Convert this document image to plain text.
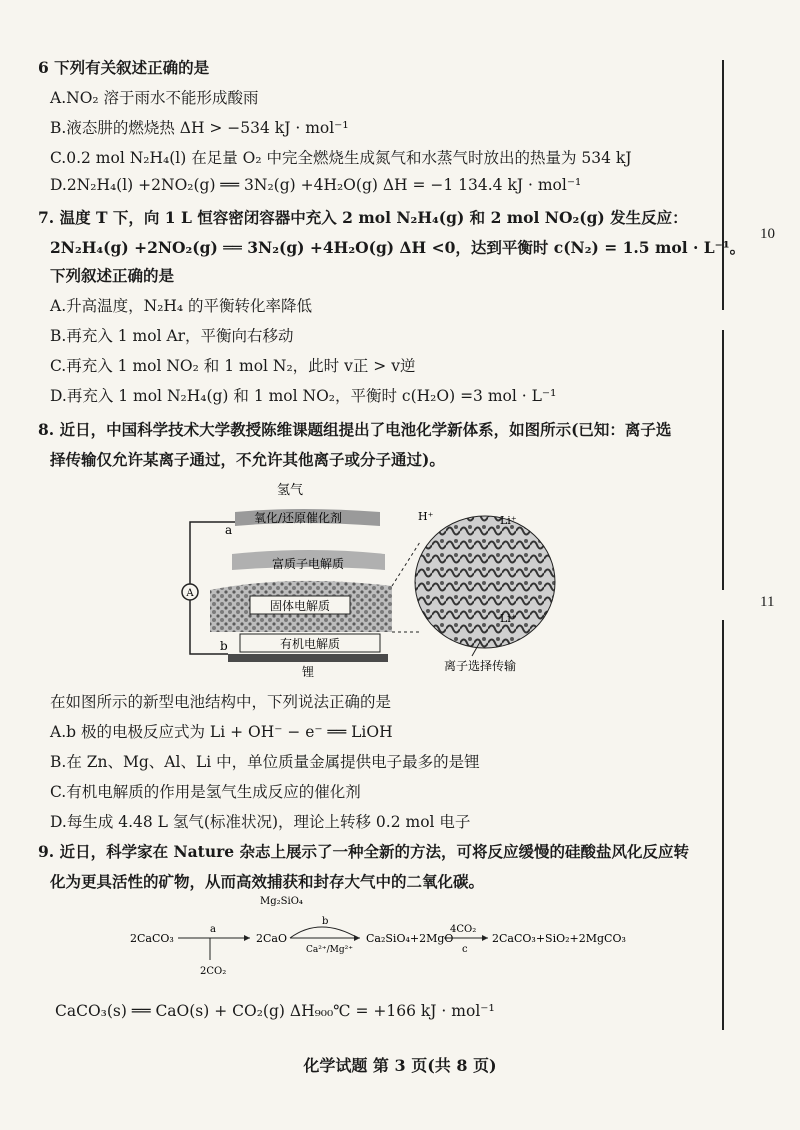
10
11
6 下列有关叙述正确的是
A.NO₂ 溶于雨水不能形成酸雨
B.液态肼的燃烧热 ΔH > −534 kJ · mol⁻¹
C.0.2 mol N₂H₄(l) 在足量 O₂ 中完全燃烧生成氮气和水蒸气时放出的热量为 534 kJ
D.2N₂H₄(l) +2NO₂(g) ══ 3N₂(g) +4H₂O(g) ΔH = −1 134.4 kJ · mol⁻¹
7. 温度 T 下，向 1 L 恒容密闭容器中充入 2 mol N₂H₄(g) 和 2 mol NO₂(g) 发生反应：
2N₂H₄(g) +2NO₂(g) ══ 3N₂(g) +4H₂O(g) ΔH <0，达到平衡时 c(N₂) = 1.5 mol · L⁻¹。
下列叙述正确的是
A.升高温度，N₂H₄ 的平衡转化率降低
B.再充入 1 mol Ar，平衡向右移动
C.再充入 1 mol NO₂ 和 1 mol N₂，此时 v正 > v逆
D.再充入 1 mol N₂H₄(g) 和 1 mol NO₂，平衡时 c(H₂O) =3 mol · L⁻¹
8. 近日，中国科学技术大学教授陈维课题组提出了电池化学新体系，如图所示(已知：离子选
择传输仅允许某离子通过，不允许其他离子或分子通过)。
氢气
A
a
b
氧化/还原催化剂
富质子电解质
固体电解质
有机电解质
锂
H⁺	Li⁺
Li⁺
离子选择传输
在如图所示的新型电池结构中，下列说法正确的是
A.b 极的电极反应式为 Li + OH⁻ − e⁻ ══ LiOH
B.在 Zn、Mg、Al、Li 中，单位质量金属提供电子最多的是锂
C.有机电解质的作用是氢气生成反应的催化剂
D.每生成 4.48 L 氢气(标准状况)，理论上转移 0.2 mol 电子
9. 近日，科学家在 Nature 杂志上展示了一种全新的方法，可将反应缓慢的硅酸盐风化反应转
化为更具活性的矿物，从而高效捕获和封存大气中的二氧化碳。
2CaCO₃
a
2CO₂
2CaO
Mg₂SiO₄
b
Ca²⁺/Mg²⁺
Ca₂SiO₄+2MgO
4CO₂
c
2CaCO₃+SiO₂+2MgCO₃
CaCO₃(s) ══ CaO(s) + CO₂(g) ΔH₉₀₀℃ = +166 kJ · mol⁻¹
化学试题 第 3 页(共 8 页)
